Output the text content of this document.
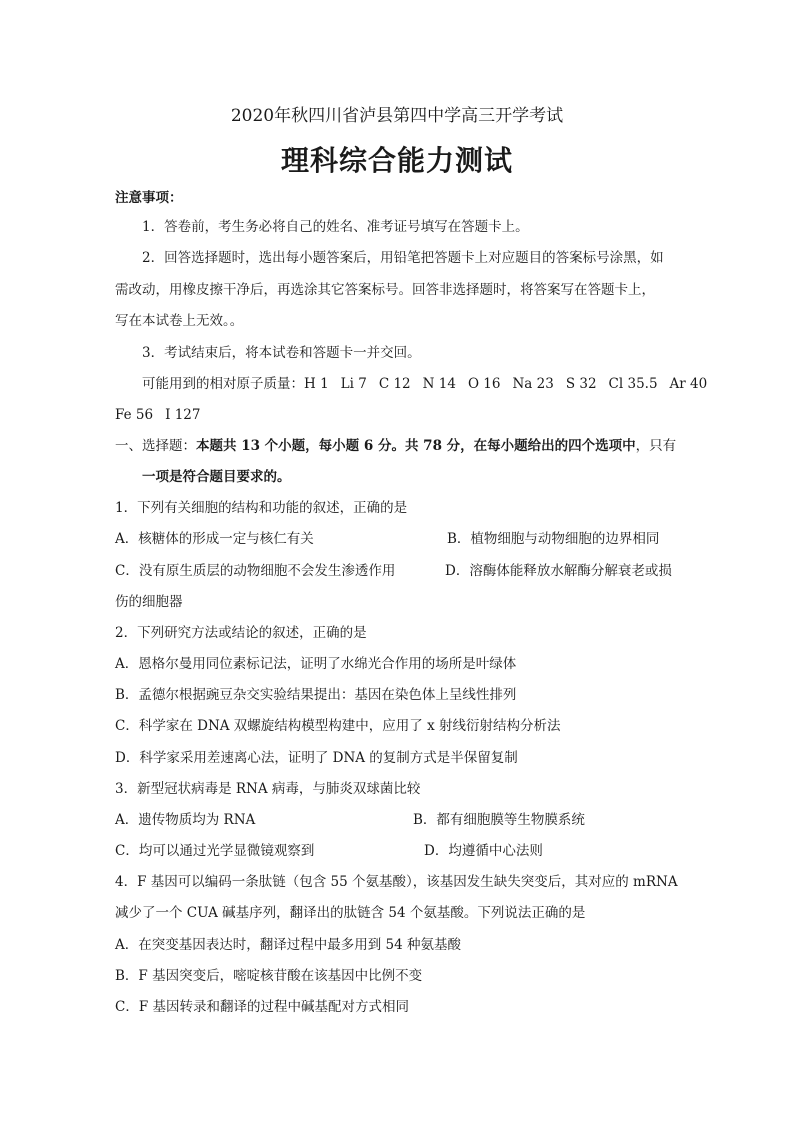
2020年秋四川省泸县第四中学高三开学考试
理科综合能力测试
注意事项：
1．答卷前，考生务必将自己的姓名、准考证号填写在答题卡上。
2．回答选择题时，选出每小题答案后，用铅笔把答题卡上对应题目的答案标号涂黑，如
需改动，用橡皮擦干净后，再选涂其它答案标号。回答非选择题时，将答案写在答题卡上，
写在本试卷上无效。。
3．考试结束后，将本试卷和答题卡一并交回。
可能用到的相对原子质量：H 1 Li 7 C 12 N 14 O 16 Na 23 S 32 Cl 35.5 Ar 40
Fe 56 I 127
一、选择题：本题共 13 个小题，每小题 6 分。共 78 分，在每小题给出的四个选项中，只有
一项是符合题目要求的。
1．下列有关细胞的结构和功能的叙述，正确的是
A．核糖体的形成一定与核仁有关	B．植物细胞与动物细胞的边界相同
C．没有原生质层的动物细胞不会发生渗透作用	D．溶酶体能释放水解酶分解衰老或损
伤的细胞器
2．下列研究方法或结论的叙述，正确的是
A．恩格尔曼用同位素标记法，证明了水绵光合作用的场所是叶绿体
B．孟德尔根据豌豆杂交实验结果提出：基因在染色体上呈线性排列
C．科学家在 DNA 双螺旋结构模型构建中，应用了 x 射线衍射结构分析法
D．科学家采用差速离心法，证明了 DNA 的复制方式是半保留复制
3．新型冠状病毒是 RNA 病毒，与肺炎双球菌比较
A．遗传物质均为 RNA	B．都有细胞膜等生物膜系统
C．均可以通过光学显微镜观察到	D．均遵循中心法则
4．F 基因可以编码一条肽链（包含 55 个氨基酸），该基因发生缺失突变后，其对应的 mRNA
减少了一个 CUA 碱基序列，翻译出的肽链含 54 个氨基酸。下列说法正确的是
A．在突变基因表达时，翻译过程中最多用到 54 种氨基酸
B．F 基因突变后，嘧啶核苷酸在该基因中比例不变
C．F 基因转录和翻译的过程中碱基配对方式相同
